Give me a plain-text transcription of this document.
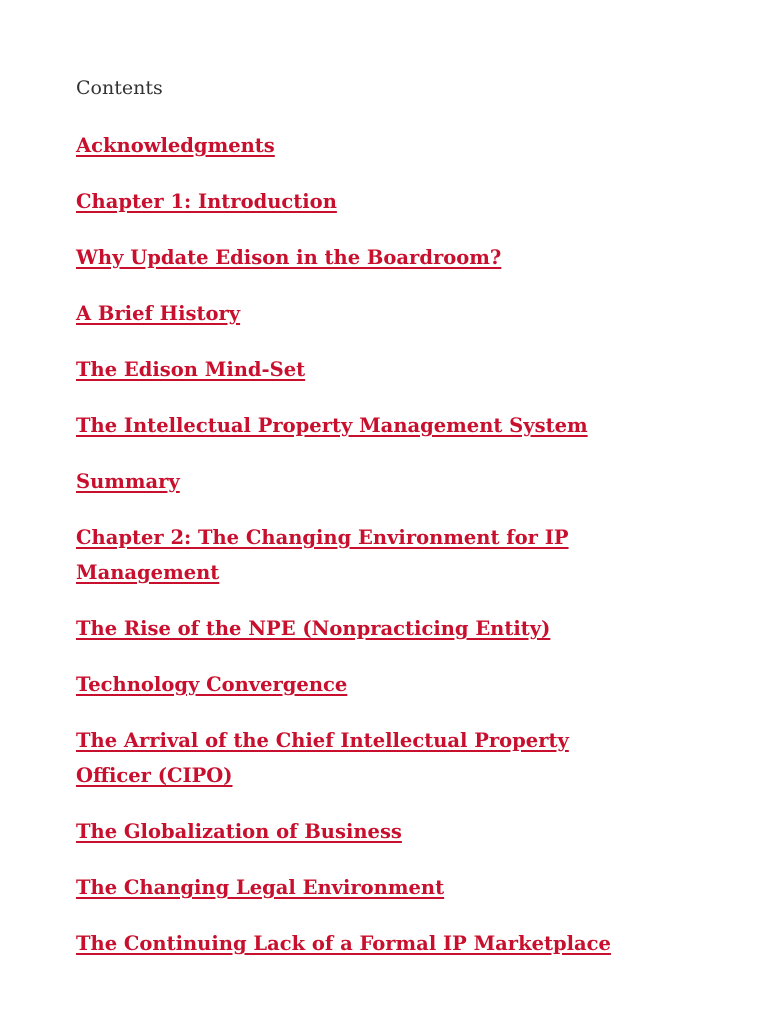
Contents
Acknowledgments
Chapter 1: Introduction
Why Update Edison in the Boardroom?
A Brief History
The Edison Mind-Set
The Intellectual Property Management System
Summary
Chapter 2: The Changing Environment for IP Management
The Rise of the NPE (Nonpracticing Entity)
Technology Convergence
The Arrival of the Chief Intellectual Property Officer (CIPO)
The Globalization of Business
The Changing Legal Environment
The Continuing Lack of a Formal IP Marketplace
